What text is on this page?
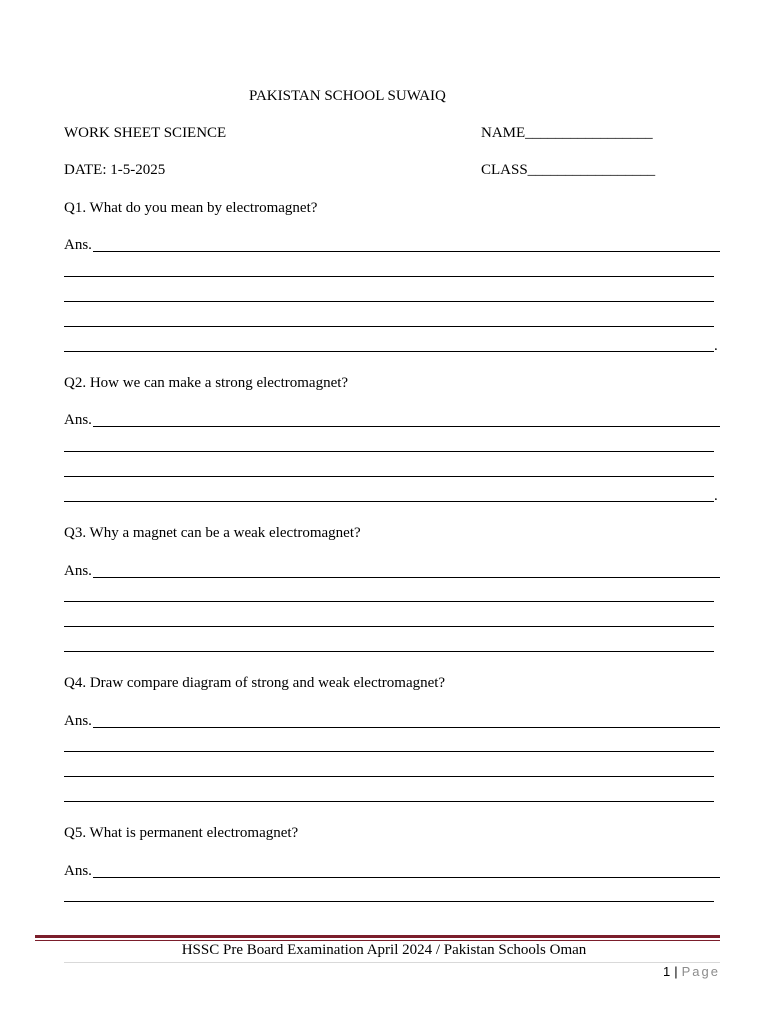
PAKISTAN SCHOOL SUWAIQ
WORK SHEET SCIENCE	NAME_________________
DATE: 1-5-2025	CLASS_________________
Q1. What do you mean by electromagnet?
Ans.
.
Q2. How we can make a strong electromagnet?
Ans.
.
Q3. Why a magnet can be a weak electromagnet?
Ans.
Q4. Draw compare diagram of strong and weak electromagnet?
Ans.
Q5. What is permanent electromagnet?
Ans.
HSSC Pre Board Examination April 2024 / Pakistan Schools Oman
1 | Page
